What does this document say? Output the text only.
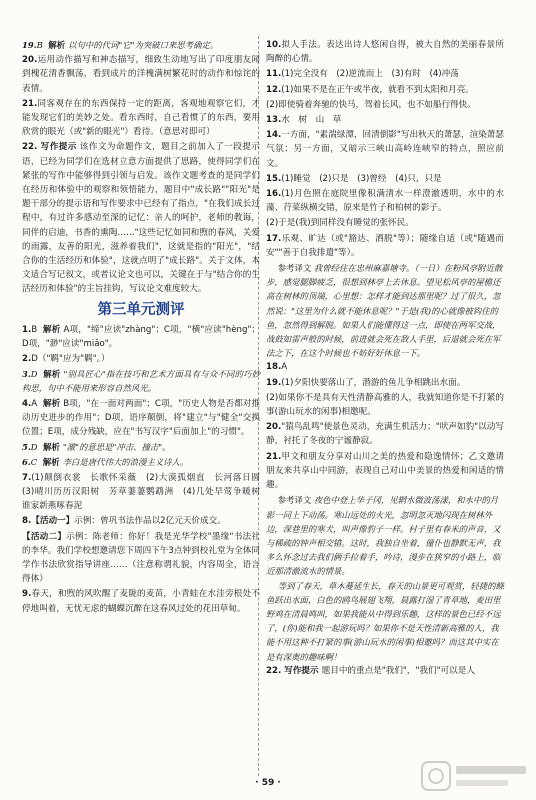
19.B 解析 以句中的代词"它"为突破口来思考确定。
20.运用动作描写和神态描写，细致生动地写出了印度朋友闻到槐花清香飘荡，看到成片的洋槐满树繁花时的动作和惊诧的表情。
21.同客观存在的东西保持一定的距离，客观地观察它们，才能发现它们的美妙之处。看东西时，自己看惯了的东西，要用欣赏的眼光（或"新的眼光"）看待。（意思对即可）
22. 写作提示 该作文为命题作文，题目之前加入了一段提示语，已经为同学们在选材立意方面提供了思路，使得同学们在紧张的写作中能够得到引领与启发。该作文题考查的是同学们在经历和体验中的观察和领悟能力，题目中"成长路""阳光"是题干部分的提示语和写作要求中已经有了指点，"在我们成长过程中，有过许多感动至深的记忆：亲人的呵护，老师的教诲，同伴的启迪，书香的熏陶……"这些记忆如同和煦的春风，关爱的雨露，友善的阳光，滋养着我们"，这就是指的"阳光"，"结合你的生活经历和体验"，这就点明了"成长路"。关于文体，本文适合写记叙文，或者议论文也可以，关键在于与"结合你的生活经历和体验"的主旨挂钩，写议论文难度较大。
第三单元测评
1.B 解析 A项，"缔"应读"zhàng"；C项，"横"应读"hèng"；D项，"渺"应读"miǎo"。
2.D（"羁"应为"羁"。）
3.D 解析 "别具匠心"指在技巧和艺术方面具有与众不同的巧妙构思，句中不能用来形容自然风光。
4.A 解析 B项，"在一面对两面"；C项，"历史人物是否都对推动历史进步的作用"；D项，语序颠倒，将"建立"与"健全"交换位置；E项，成分残缺，应在"书写汉字"后面加上"的习惯"。
5.D 解析 "激"的意思是"冲击、撞击"。
6.C 解析 李白是唐代伟大的浪漫主义诗人。
7.(1)颠倒衣裳　长歌怀采薇　(2)大漠孤烟直　长河落日圆　(3)晴川历历汉阳树　芳草萋萋鹦鹉洲　(4)几处早莺争暖树　谁家新燕啄春泥
8.【活动一】示例：曾巩书法作品以2亿元天价成交。
【活动二】示例：陈老师：你好！我是光华学校"墨缘"书法社的李华。我们学校想邀请您下周四下午3点钟到校礼堂为全体同学作书法欣赏指导讲座……（注意称谓礼貌，内容周全，语言得体）
9.春天，和煦的风吹醒了麦陇的麦苗，小青蛙在水洼旁根处不停地叫着，无忧无虑的蝴蝶沉醉在这春风过处的花田草甸。
10.拟人手法。表达出诗人悠闲自得，被大自然的美丽春景所陶醉的心情。
11.(1)完全没有　(2)逆流而上　(3)有时　(4)冲荡
12.(1)如果不是在正午或半夜，就看不到太阳和月亮。
(2)即使骑着奔驰的快马，驾着长风，也不如船行得快。
13.水　树　山　草
14.一方面，"素湍绿潭，回清倒影"写出秋天的萧瑟，渲染萧瑟气氛；另一方面，又暗示三峡山高岭连峡窄的特点，照应前文。
15.(1)睡觉　(2)只是　(3)曾经　(4)只，只是
16.(1)月色照在庭院里像积满清水一样澄澈透明，水中的水藻、荇菜纵横交错，原来是竹子和柏树的影子。
(2)于是(我)到同样没有睡觉的张怀民。
17.乐观、旷达（或"豁达、洒脱"等）；随缘自适（或"随遇而安""善于自我排遣"等）。

参考译文 我曾经住在忠州麻嘉塘寺。（一日）在粉风亭附近散步，感觉腿脚疲乏，很想到林亭上去休息。望见松风亭的屋檐还高在树林的顶端，心里想：怎样才能到达那里呢？过了很久，忽然说："这里为什么就不能休息呢？"于是(我)的心就像被钩住的鱼，忽然得到解脱。如果人们能懂得这一点，即使在两军交战，战鼓如雷声般的时候，前进就会死在敌人手里，后退就会死在军法之下，在这个时候也不妨好好休息一下。

18.A
19.(1)夕阳快要落山了，潜游的鱼儿争相跳出水面。
(2)如果你不是具有天性清静高雅的人，我就知道你是不打紧的事(游山玩水的闲事)相邀呢。
20."猿鸟乱鸣"使景色灵动，充满生机活力；"吠声如豹"以动写静，衬托了冬夜的宁谧静寂。
21.甲文和朋友分享对山川之美的热爱和隐逸情怀；乙文邀请朋友来共享山中同游，表现自己对山中美景的热爱和闲适的情趣。

参考译文 夜色中登上华子冈，见辋水微波荡漾，和水中的月影一同上下动荡。寒山远处的火光，忽明忽灭地闪现在树林外边，深巷里的寒犬，叫声像豹子一样。村子里有春米的声音，又与稀疏的钟声相交错。这时，我独自坐着，僮仆也静默无声，我多么怀念过去我们俩手拉着手，吟诗，漫步在狭窄的小路上，临近那清澈流水的情景。

等到了春天，草木蔓延生长，春天的山景更可观赏，轻捷的鲦鱼跃出水面，白色的鸥鸟展翅飞翔，晨露打湿了青草地，麦田里野鸡在清晨鸣叫，如果我能从中得到乐趣，这样的景色已经不远了，(你)能和我一起游玩吗？如果你不是天性清新高雅的人，我能不用这种不打紧的事(游山玩水的闲事)相邀吗？而这其中实在是有深奥的趣味啊！

22. 写作提示 题目中的重点是"我们"，"我们"可以是人
· 59 ·
